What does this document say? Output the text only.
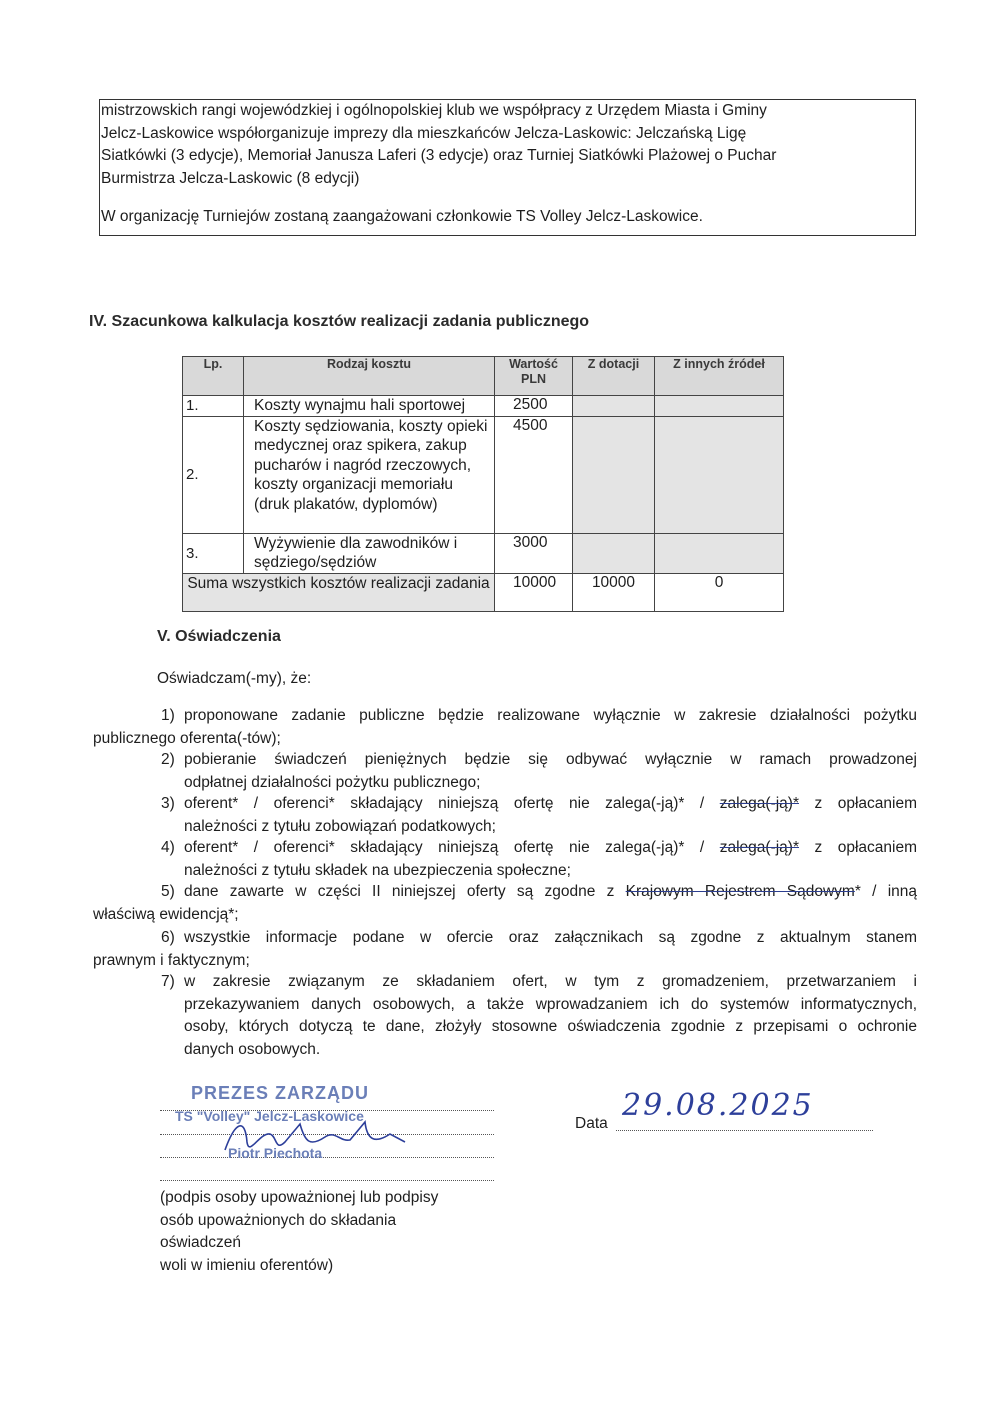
mistrzowskich rangi wojewódzkiej i ogólnopolskiej klub we współpracy z Urzędem Miasta i Gminy

Jelcz-Laskowice współorganizuje imprezy dla mieszkańców Jelcza-Laskowic: Jelczańską Ligę

Siatkówki (3 edycje), Memoriał Janusza Laferi (3 edycje) oraz Turniej Siatkówki Plażowej o Puchar

Burmistrza Jelcza-Laskowic (8 edycji)

W organizację Turniejów zostaną zaangażowani członkowie TS Volley Jelcz-Laskowice.

IV. Szacunkowa kalkulacja kosztów realizacji zadania publicznego
Lp.	Rodzaj kosztu	Wartość PLN	Z dotacji	Z innych źródeł
1.	Koszty wynajmu hali sportowej	2500		
2.	Koszty sędziowania, koszty opieki medycznej oraz spikera, zakup pucharów i nagród rzeczowych, koszty organizacji memoriału (druk plakatów, dyplomów)	4500		
3.	Wyżywienie dla zawodników i sędziego/sędziów	3000		
Suma wszystkich kosztów realizacji zadania		10000	10000	0
V. Oświadczenia
Oświadczam(-my), że:
1) proponowane zadanie publiczne będzie realizowane wyłącznie w zakresie działalności pożytku
publicznego oferenta(-tów);
2) pobieranie świadczeń pieniężnych będzie się odbywać wyłącznie w ramach prowadzonej
odpłatnej działalności pożytku publicznego;
3) oferent* / oferenci* składający niniejszą ofertę nie zalega(-ją)* / zalega(-ją)* z opłacaniem
należności z tytułu zobowiązań podatkowych;
4) oferent* / oferenci* składający niniejszą ofertę nie zalega(-ją)* / zalega(-ją)* z opłacaniem
należności z tytułu składek na ubezpieczenia społeczne;
5) dane zawarte w części II niniejszej oferty są zgodne z Krajowym Rejestrem Sądowym* / inną
właściwą ewidencją*;
6) wszystkie informacje podane w ofercie oraz załącznikach są zgodne z aktualnym stanem
prawnym i faktycznym;
7) w zakresie związanym ze składaniem ofert, w tym z gromadzeniem, przetwarzaniem i
przekazywaniem danych osobowych, a także wprowadzaniem ich do systemów informatycznych,
osoby, których dotyczą te dane, złożyły stosowne oświadczenia zgodnie z przepisami o ochronie
danych osobowych.
PREZES ZARZĄDU
TS "Volley" Jelcz-Laskowice
Piotr Piechota
(podpis osoby upoważnionej lub podpisy
osób upoważnionych do składania
oświadczeń
woli w imieniu oferentów)
Data
29.08.2025
